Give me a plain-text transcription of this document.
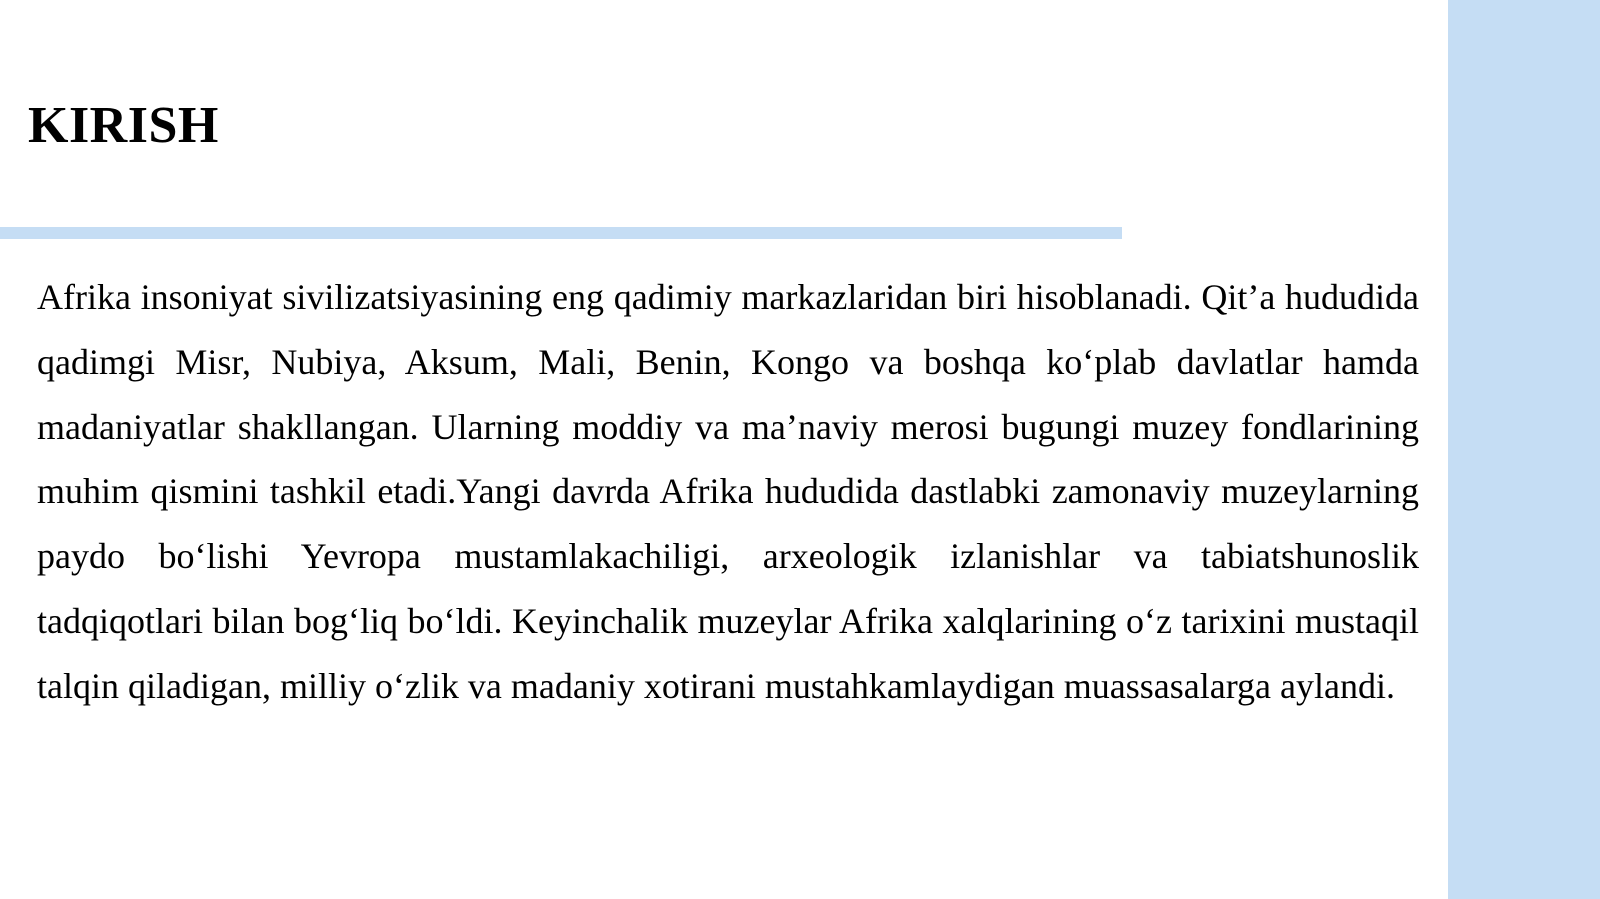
KIRISH

Afrika insoniyat sivilizatsiyasining eng qadimiy markazlaridan biri hisoblanadi. Qit’a hududida qadimgi Misr, Nubiya, Aksum, Mali, Benin, Kongo va boshqa ko‘plab davlatlar hamda madaniyatlar shakllangan. Ularning moddiy va ma’naviy merosi bugungi muzey fondlarining muhim qismini tashkil etadi.Yangi davrda Afrika hududida dastlabki zamonaviy muzeylarning paydo bo‘lishi Yevropa mustamlakachiligi, arxeologik izlanishlar va tabiatshunoslik tadqiqotlari bilan bog‘liq bo‘ldi. Keyinchalik muzeylar Afrika xalqlarining o‘z tarixini mustaqil talqin qiladigan, milliy o‘zlik va madaniy xotirani mustahkamlaydigan muassasalarga aylandi.
